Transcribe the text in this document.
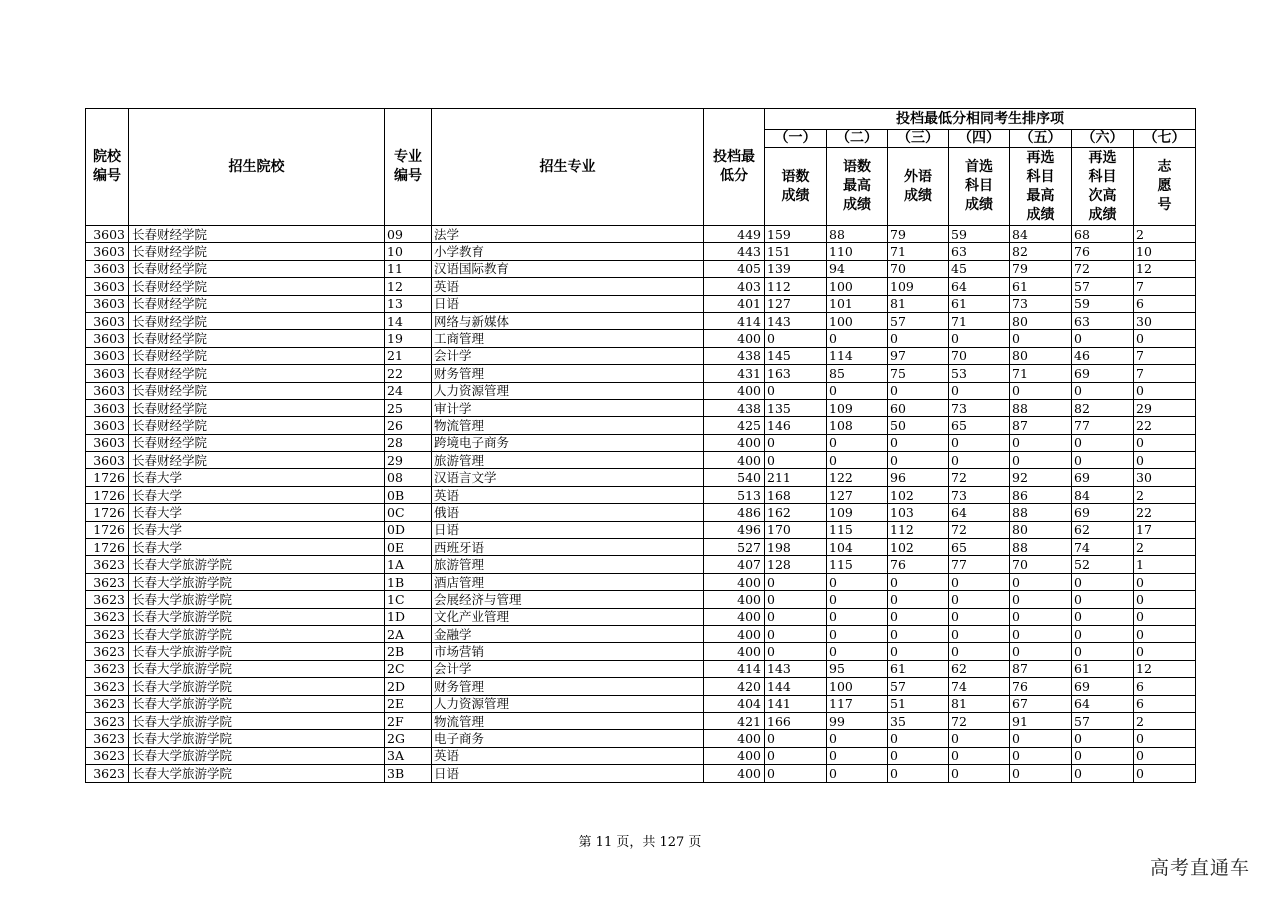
院校编号	招生院校	专业编号	招生专业	投档最低分	投档最低分相同考生排序项						
					（一）	（二）	（三）	（四）	（五）	（六）	（七）
					语数成绩	语数最高成绩	外语成绩	首选科目成绩	再选科目最高成绩	再选科目次高成绩	志愿号
3603	长春财经学院	09	法学	449	159	88	79	59	84	68	2
3603	长春财经学院	10	小学教育	443	151	110	71	63	82	76	10
3603	长春财经学院	11	汉语国际教育	405	139	94	70	45	79	72	12
3603	长春财经学院	12	英语	403	112	100	109	64	61	57	7
3603	长春财经学院	13	日语	401	127	101	81	61	73	59	6
3603	长春财经学院	14	网络与新媒体	414	143	100	57	71	80	63	30
3603	长春财经学院	19	工商管理	400	0	0	0	0	0	0	0
3603	长春财经学院	21	会计学	438	145	114	97	70	80	46	7
3603	长春财经学院	22	财务管理	431	163	85	75	53	71	69	7
3603	长春财经学院	24	人力资源管理	400	0	0	0	0	0	0	0
3603	长春财经学院	25	审计学	438	135	109	60	73	88	82	29
3603	长春财经学院	26	物流管理	425	146	108	50	65	87	77	22
3603	长春财经学院	28	跨境电子商务	400	0	0	0	0	0	0	0
3603	长春财经学院	29	旅游管理	400	0	0	0	0	0	0	0
1726	长春大学	08	汉语言文学	540	211	122	96	72	92	69	30
1726	长春大学	0B	英语	513	168	127	102	73	86	84	2
1726	长春大学	0C	俄语	486	162	109	103	64	88	69	22
1726	长春大学	0D	日语	496	170	115	112	72	80	62	17
1726	长春大学	0E	西班牙语	527	198	104	102	65	88	74	2
3623	长春大学旅游学院	1A	旅游管理	407	128	115	76	77	70	52	1
3623	长春大学旅游学院	1B	酒店管理	400	0	0	0	0	0	0	0
3623	长春大学旅游学院	1C	会展经济与管理	400	0	0	0	0	0	0	0
3623	长春大学旅游学院	1D	文化产业管理	400	0	0	0	0	0	0	0
3623	长春大学旅游学院	2A	金融学	400	0	0	0	0	0	0	0
3623	长春大学旅游学院	2B	市场营销	400	0	0	0	0	0	0	0
3623	长春大学旅游学院	2C	会计学	414	143	95	61	62	87	61	12
3623	长春大学旅游学院	2D	财务管理	420	144	100	57	74	76	69	6
3623	长春大学旅游学院	2E	人力资源管理	404	141	117	51	81	67	64	6
3623	长春大学旅游学院	2F	物流管理	421	166	99	35	72	91	57	2
3623	长春大学旅游学院	2G	电子商务	400	0	0	0	0	0	0	0
3623	长春大学旅游学院	3A	英语	400	0	0	0	0	0	0	0
3623	长春大学旅游学院	3B	日语	400	0	0	0	0	0	0	0
第 11 页，共 127 页
高考直通车
